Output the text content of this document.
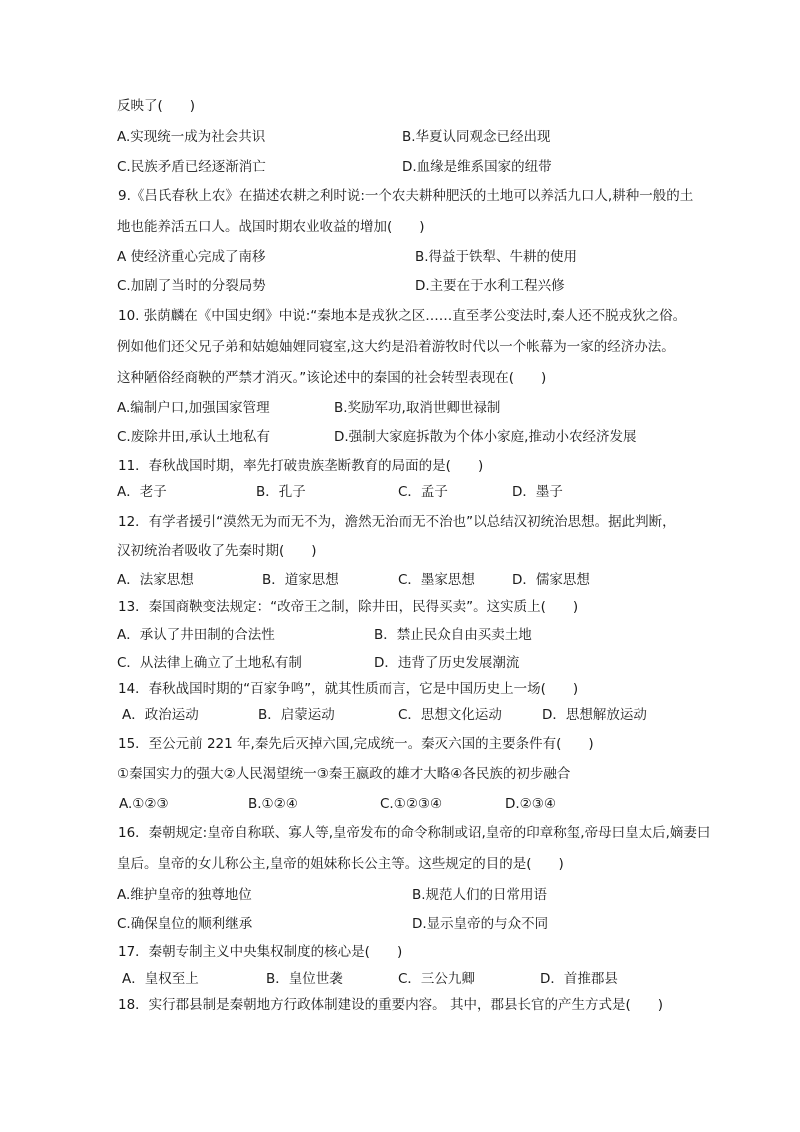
反映了(　　)
A.实现统一成为社会共识	B.华夏认同观念已经出现
C.民族矛盾已经逐渐消亡	D.血缘是维系国家的纽带
9.《吕氏春秋上农》在描述农耕之利时说:一个农夫耕种肥沃的土地可以养活九口人,耕种一般的土
地也能养活五口人。战国时期农业收益的增加(　　)
A 使经济重心完成了南移	B.得益于铁犁、牛耕的使用
C.加剧了当时的分裂局势	D.主要在于水利工程兴修
10. 张荫麟在《中国史纲》中说:“秦地本是戎狄之区……直至孝公变法时,秦人还不脱戎狄之俗。
例如他们还父兄子弟和姑媳妯娌同寝室,这大约是沿着游牧时代以一个帐幕为一家的经济办法。
这种陋俗经商鞅的严禁才消灭。”该论述中的秦国的社会转型表现在(　　)
A.编制户口,加强国家管理	B.奖励军功,取消世卿世禄制
C.废除井田,承认土地私有	D.强制大家庭拆散为个体小家庭,推动小农经济发展
11．春秋战国时期，率先打破贵族垄断教育的局面的是(　　)
A．老子	B．孔子	C．孟子	D．墨子
12．有学者援引“漠然无为而无不为，澹然无治而无不治也”以总结汉初统治思想。据此判断，
汉初统治者吸收了先秦时期(　　)
A．法家思想	B．道家思想	C．墨家思想	D．儒家思想
13．秦国商鞅变法规定：“改帝王之制，除井田，民得买卖”。这实质上(　　)
A．承认了井田制的合法性	B．禁止民众自由买卖土地
C．从法律上确立了土地私有制	D．违背了历史发展潮流
14．春秋战国时期的“百家争鸣”，就其性质而言，它是中国历史上一场(　　)
A．政治运动	B．启蒙运动	C．思想文化运动	D．思想解放运动
15．至公元前 221 年,秦先后灭掉六国,完成统一。秦灭六国的主要条件有(　　)
①秦国实力的强大②人民渴望统一③秦王嬴政的雄才大略④各民族的初步融合
A.①②③	B.①②④	C.①②③④	D.②③④
16．秦朝规定:皇帝自称联、寡人等,皇帝发布的命令称制或诏,皇帝的印章称玺,帝母曰皇太后,嫡妻曰
皇后。皇帝的女儿称公主,皇帝的姐妹称长公主等。这些规定的目的是(　　)
A.维护皇帝的独尊地位	B.规范人们的日常用语
C.确保皇位的顺利继承	D.显示皇帝的与众不同
17．秦朝专制主义中央集权制度的核心是(　　)
A．皇权至上	B．皇位世袭	C．三公九卿	D．首推郡县
18．实行郡县制是秦朝地方行政体制建设的重要内容。 其中，郡县长官的产生方式是(　　)
